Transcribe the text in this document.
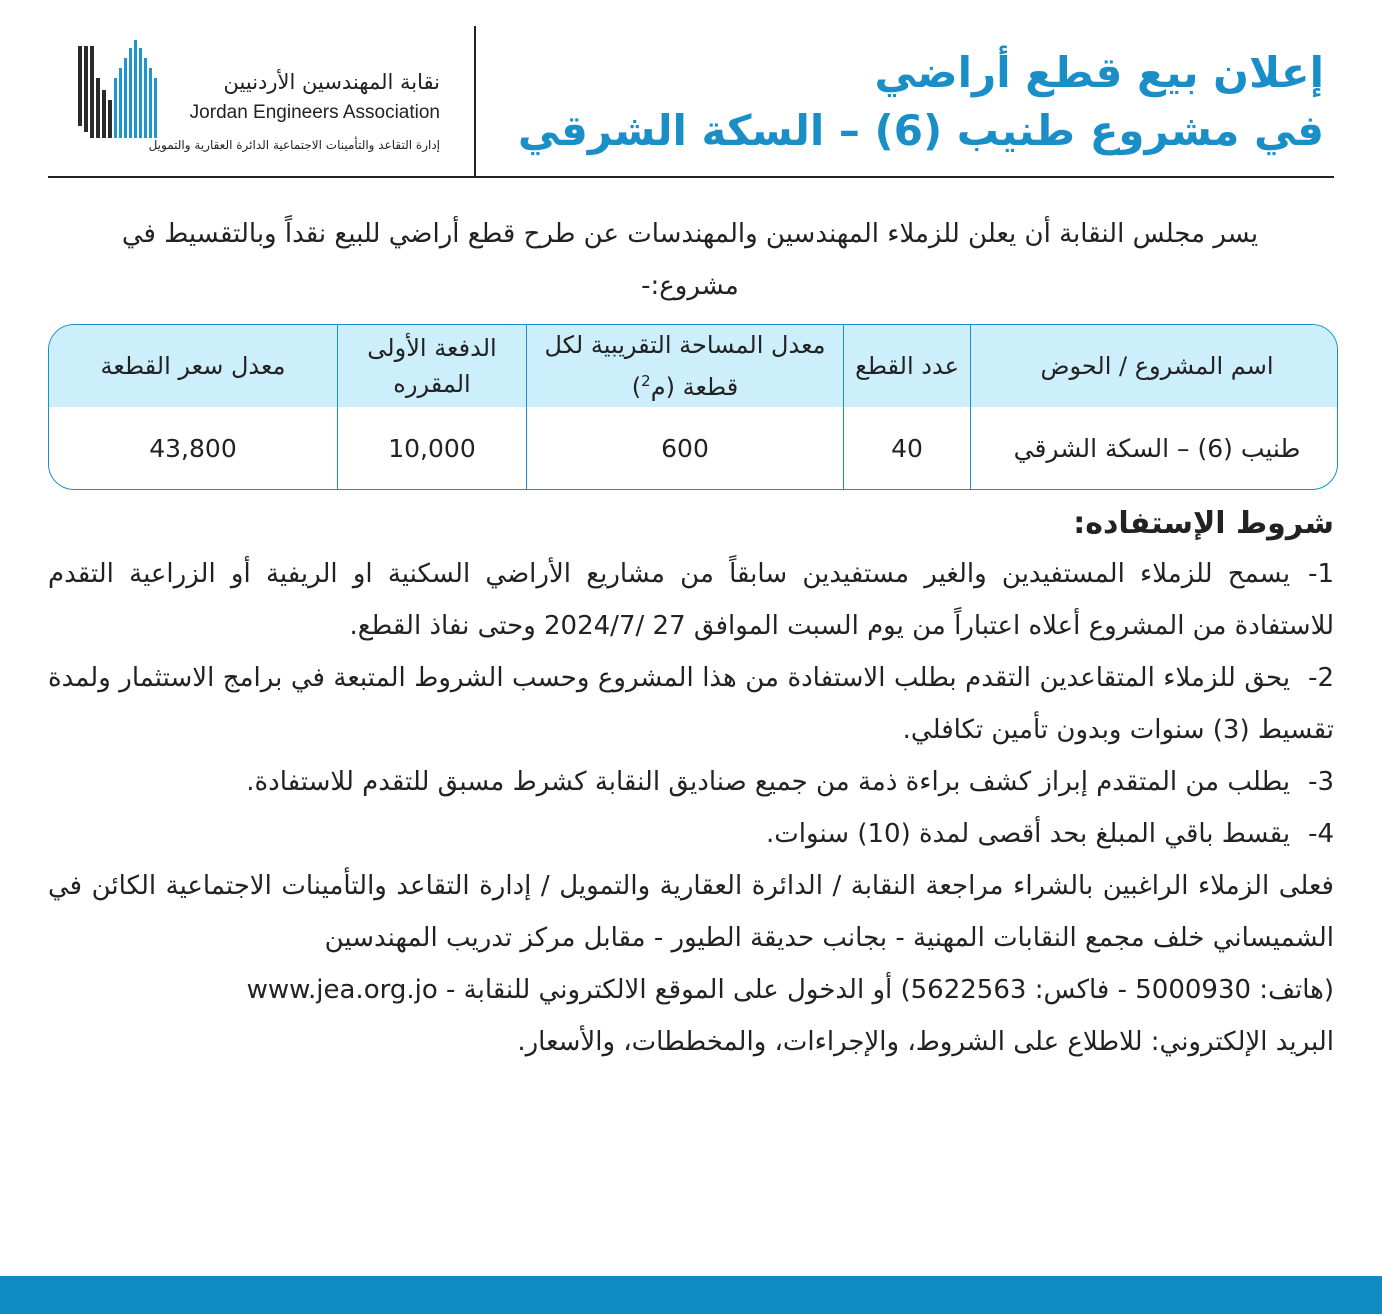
نقابة المهندسين الأردنيين
Jordan Engineers Association
إدارة التقاعد والتأمينات الاجتماعية الدائرة العقارية والتمويل
إعلان بيع قطع أراضي
في مشروع طنيب (6) – السكة الشرقي
يسر مجلس النقابة أن يعلن للزملاء المهندسين والمهندسات عن طرح قطع أراضي للبيع نقداً وبالتقسيط في مشروع:-
اسم المشروع / الحوض	عدد القطع	معدل المساحة التقريبية لكل قطعة (م$^2$)	الدفعة الأولى المقرره	معدل سعر القطعة
طنيب (6) – السكة الشرقي	40	600	10,000	43,800
شروط الإستفاده:

1-يسمح للزملاء المستفيدين والغير مستفيدين سابقاً من مشاريع الأراضي السكنية او الريفية أو الزراعية التقدم للاستفادة من المشروع أعلاه اعتباراً من يوم السبت الموافق 27 /2024/7 وحتى نفاذ القطع.

2-يحق للزملاء المتقاعدين التقدم بطلب الاستفادة من هذا المشروع وحسب الشروط المتبعة في برامج الاستثمار ولمدة تقسيط (3) سنوات وبدون تأمين تكافلي.

3-يطلب من المتقدم إبراز كشف براءة ذمة من جميع صناديق النقابة كشرط مسبق للتقدم للاستفادة.

4-يقسط باقي المبلغ بحد أقصى لمدة (10) سنوات.

فعلى الزملاء الراغبين بالشراء مراجعة النقابة / الدائرة العقارية والتمويل / إدارة التقاعد والتأمينات الاجتماعية الكائن في الشميساني خلف مجمع النقابات المهنية - بجانب حديقة الطيور - مقابل مركز تدريب المهندسين

(هاتف: 5000930 - فاكس: 5622563) أو الدخول على الموقع الالكتروني للنقابة - www.jea.org.jo

البريد الإلكتروني: للاطلاع على الشروط، والإجراءات، والمخططات، والأسعار.
